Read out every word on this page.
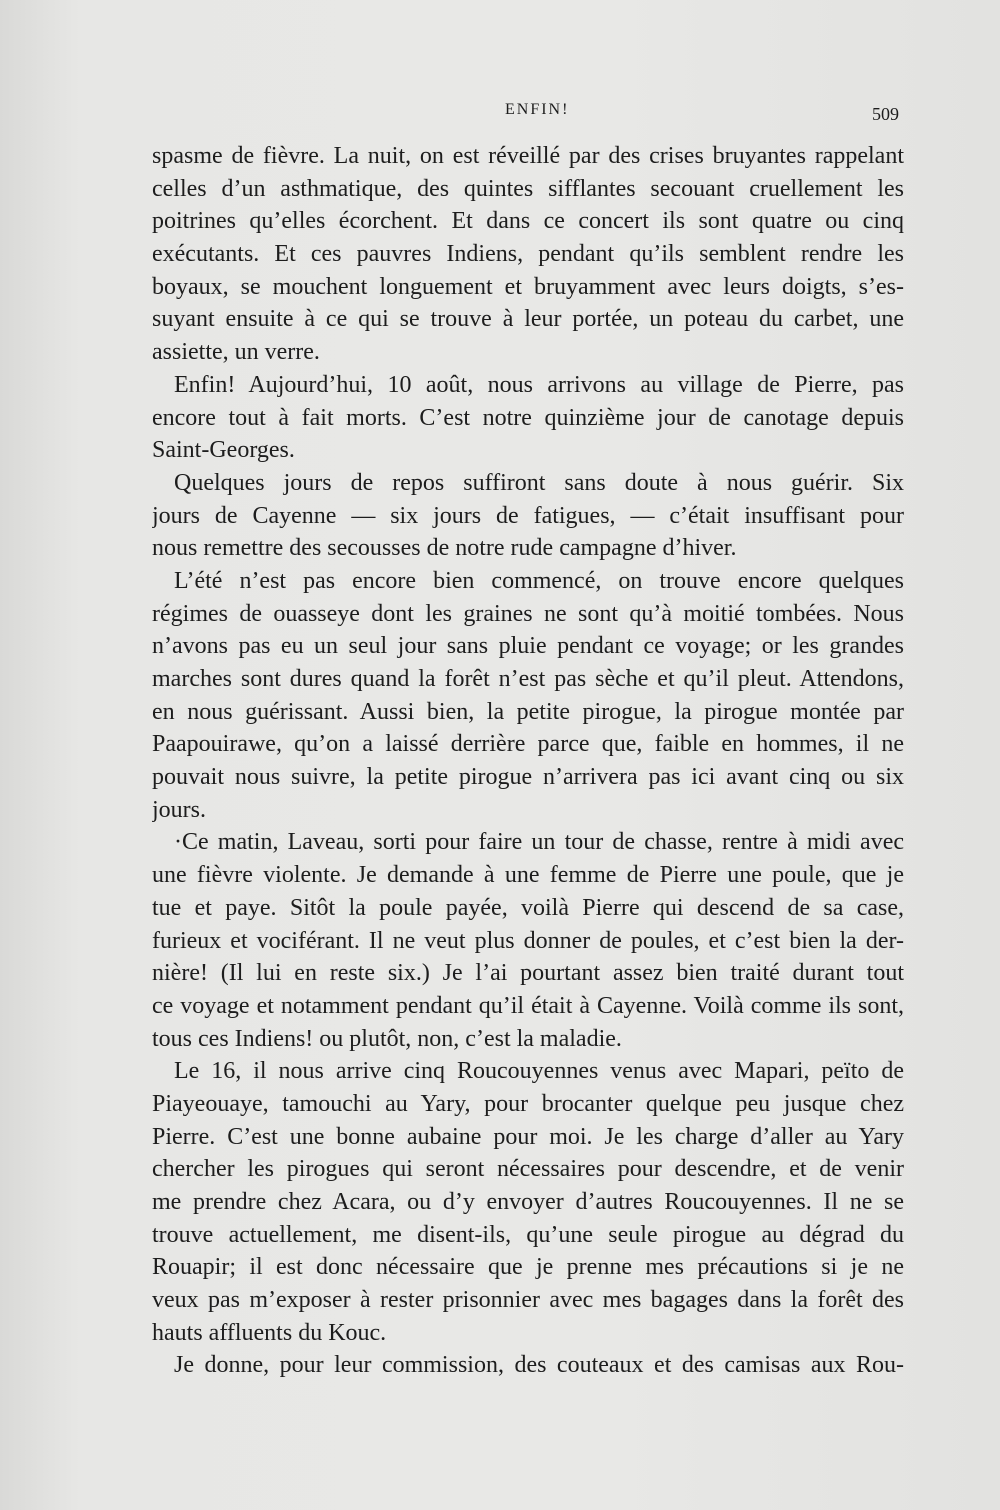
ENFIN!	509
spasme de fièvre. La nuit, on est réveillé par des crises bruyantes rappelant
celles d’un asthmatique, des quintes sifflantes secouant cruellement les
poitrines qu’elles écorchent. Et dans ce concert ils sont quatre ou cinq
exécutants. Et ces pauvres Indiens, pendant qu’ils semblent rendre les
boyaux, se mouchent longuement et bruyamment avec leurs doigts, s’es-
suyant ensuite à ce qui se trouve à leur portée, un poteau du carbet, une
assiette, un verre.
Enfin! Aujourd’hui, 10 août, nous arrivons au village de Pierre, pas
encore tout à fait morts. C’est notre quinzième jour de canotage depuis
Saint-Georges.
Quelques jours de repos suffiront sans doute à nous guérir. Six
jours de Cayenne — six jours de fatigues, — c’était insuffisant pour
nous remettre des secousses de notre rude campagne d’hiver.
L’été n’est pas encore bien commencé, on trouve encore quelques
régimes de ouasseye dont les graines ne sont qu’à moitié tombées. Nous
n’avons pas eu un seul jour sans pluie pendant ce voyage; or les grandes
marches sont dures quand la forêt n’est pas sèche et qu’il pleut. Attendons,
en nous guérissant. Aussi bien, la petite pirogue, la pirogue montée par
Paapouirawe, qu’on a laissé derrière parce que, faible en hommes, il ne
pouvait nous suivre, la petite pirogue n’arrivera pas ici avant cinq ou six
jours.
·Ce matin, Laveau, sorti pour faire un tour de chasse, rentre à midi avec
une fièvre violente. Je demande à une femme de Pierre une poule, que je
tue et paye. Sitôt la poule payée, voilà Pierre qui descend de sa case,
furieux et vociférant. Il ne veut plus donner de poules, et c’est bien la der-
nière! (Il lui en reste six.) Je l’ai pourtant assez bien traité durant tout
ce voyage et notamment pendant qu’il était à Cayenne. Voilà comme ils sont,
tous ces Indiens! ou plutôt, non, c’est la maladie.
Le 16, il nous arrive cinq Roucouyennes venus avec Mapari, peïto de
Piayeouaye, tamouchi au Yary, pour brocanter quelque peu jusque chez
Pierre. C’est une bonne aubaine pour moi. Je les charge d’aller au Yary
chercher les pirogues qui seront nécessaires pour descendre, et de venir
me prendre chez Acara, ou d’y envoyer d’autres Roucouyennes. Il ne se
trouve actuellement, me disent-ils, qu’une seule pirogue au dégrad du
Rouapir; il est donc nécessaire que je prenne mes précautions si je ne
veux pas m’exposer à rester prisonnier avec mes bagages dans la forêt des
hauts affluents du Kouc.
Je donne, pour leur commission, des couteaux et des camisas aux Rou-
